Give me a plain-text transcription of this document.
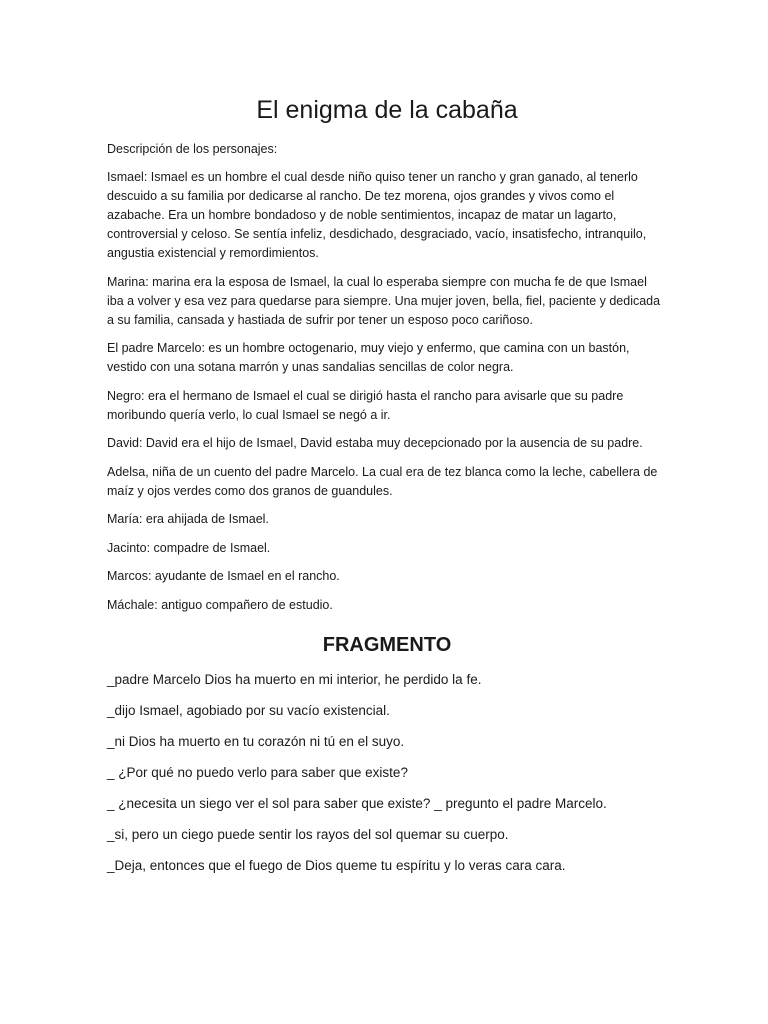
El enigma de la cabaña

Descripción de los personajes:

Ismael: Ismael es un hombre el cual desde niño quiso tener un rancho y gran ganado, al tenerlo descuido a su familia por dedicarse al rancho. De tez morena, ojos grandes y vivos como el azabache. Era un hombre bondadoso y de noble sentimientos, incapaz de matar un lagarto, controversial y celoso. Se sentía infeliz, desdichado, desgraciado, vacío, insatisfecho, intranquilo, angustia existencial y remordimientos.

Marina: marina era la esposa de Ismael, la cual lo esperaba siempre con mucha fe de que Ismael iba a volver y esa vez para quedarse para siempre. Una mujer joven, bella, fiel, paciente y dedicada a su familia, cansada y hastiada de sufrir por tener un esposo poco cariñoso.

El padre Marcelo: es un hombre octogenario, muy viejo y enfermo, que camina con un bastón, vestido con una sotana marrón y unas sandalias sencillas de color negra.

Negro: era el hermano de Ismael el cual se dirigió hasta el rancho para avisarle que su padre moribundo quería verlo, lo cual Ismael se negó a ir.

David: David era el hijo de Ismael, David estaba muy decepcionado por la ausencia de su padre.

Adelsa, niña de un cuento del padre Marcelo. La cual era de tez blanca como la leche, cabellera de maíz y ojos verdes como dos granos de guandules.

María: era ahijada de Ismael.

Jacinto: compadre de Ismael.

Marcos: ayudante de Ismael en el rancho.

Máchale: antiguo compañero de estudio.

FRAGMENTO

_padre Marcelo Dios ha muerto en mi interior, he perdido la fe.

_dijo Ismael, agobiado por su vacío existencial.

_ni Dios ha muerto en tu corazón ni tú en el suyo.

_ ¿Por qué no puedo verlo para saber que existe?

_ ¿necesita un siego ver el sol para saber que existe? _ pregunto el padre Marcelo.

_si, pero un ciego puede sentir los rayos del sol quemar su cuerpo.

_Deja, entonces que el fuego de Dios queme tu espíritu y lo veras cara cara.
